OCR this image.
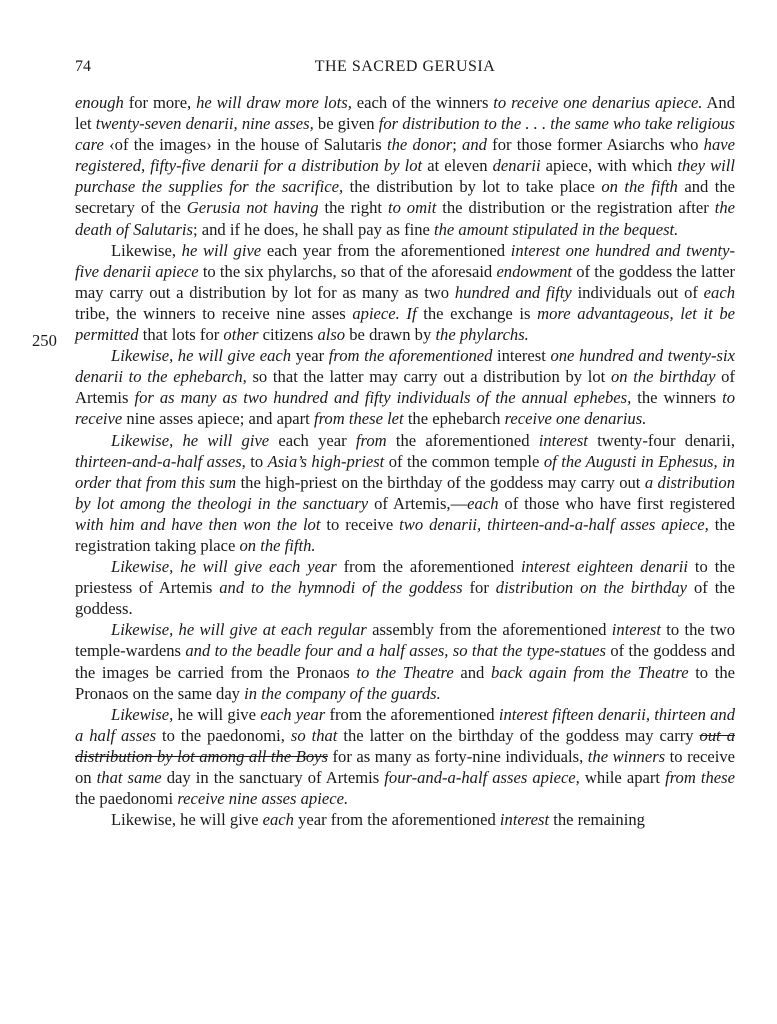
74	THE SACRED GERUSIA
250

enough for more, he will draw more lots, each of the winners to receive one denarius apiece. And let twenty-seven denarii, nine asses, be given for distribution to the . . . the same who take religious care ‹of the images› in the house of Salutaris the donor; and for those former Asiarchs who have registered, fifty-five denarii for a distribution by lot at eleven denarii apiece, with which they will purchase the supplies for the sacrifice, the distribution by lot to take place on the fifth and the secretary of the Gerusia not having the right to omit the distribution or the registration after the death of Salutaris; and if he does, he shall pay as fine the amount stipulated in the bequest.

Likewise, he will give each year from the aforementioned interest one hundred and twenty-five denarii apiece to the six phylarchs, so that of the aforesaid endowment of the goddess the latter may carry out a distribution by lot for as many as two hundred and fifty individuals out of each tribe, the winners to receive nine asses apiece. If the exchange is more advantageous, let it be permitted that lots for other citizens also be drawn by the phylarchs.

Likewise, he will give each year from the aforementioned interest one hundred and twenty-six denarii to the ephebarch, so that the latter may carry out a distribution by lot on the birthday of Artemis for as many as two hundred and fifty individuals of the annual ephebes, the winners to receive nine asses apiece; and apart from these let the ephebarch receive one denarius.

Likewise, he will give each year from the aforementioned interest twenty-four denarii, thirteen-and-a-half asses, to Asia’s high-priest of the common temple of the Augusti in Ephesus, in order that from this sum the high-priest on the birthday of the goddess may carry out a distribution by lot among the theologi in the sanctuary of Artemis,—each of those who have first registered with him and have then won the lot to receive two denarii, thirteen-and-a-half asses apiece, the registration taking place on the fifth.

Likewise, he will give each year from the aforementioned interest eighteen denarii to the priestess of Artemis and to the hymnodi of the goddess for distribution on the birthday of the goddess.

Likewise, he will give at each regular assembly from the aforementioned interest to the two temple-wardens and to the beadle four and a half asses, so that the type-statues of the goddess and the images be carried from the Pronaos to the Theatre and back again from the Theatre to the Pronaos on the same day in the company of the guards.

Likewise, he will give each year from the aforementioned interest fifteen denarii, thirteen and a half asses to the paedonomi, so that the latter on the birthday of the goddess may carry out a distribution by lot among all the Boys for as many as forty-nine individuals, the winners to receive on that same day in the sanctuary of Artemis four-and-a-half asses apiece, while apart from these the paedonomi receive nine asses apiece.

Likewise, he will give each year from the aforementioned interest the remaining
